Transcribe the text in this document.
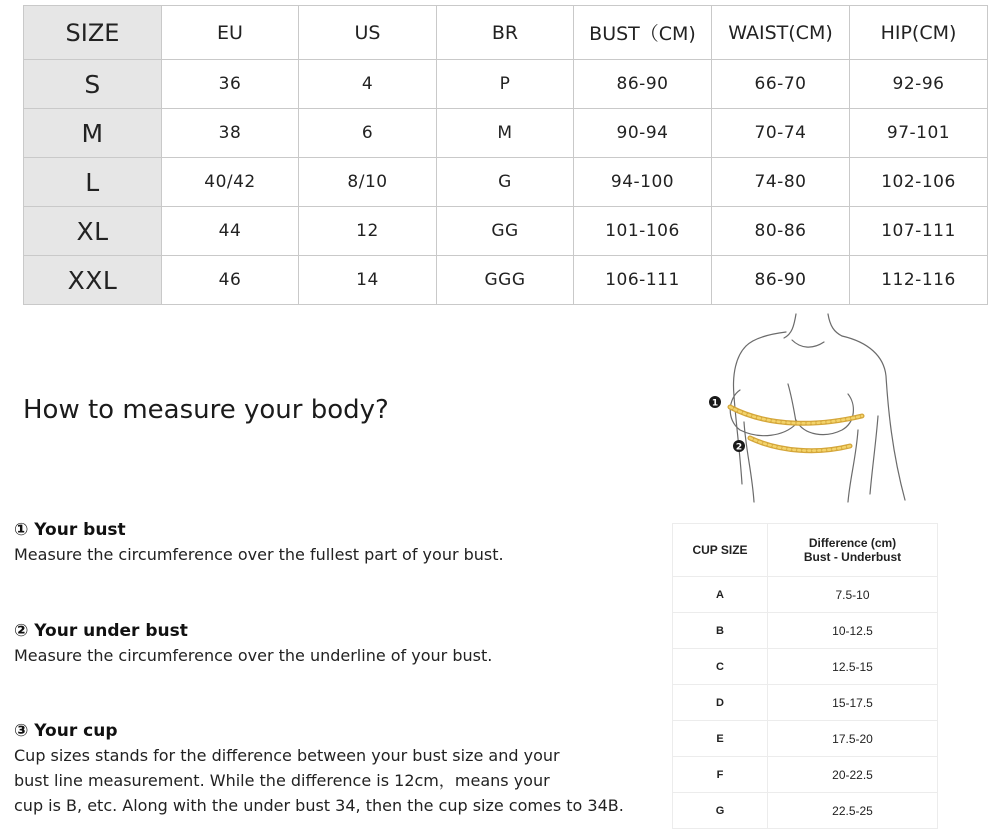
SIZE	EU	US	BR	BUST（CM)	WAIST(CM)	HIP(CM)
S	36	4	P	86-90	66-70	92-96
M	38	6	M	90-94	70-74	97-101
L	40/42	8/10	G	94-100	74-80	102-106
XL	44	12	GG	101-106	80-86	107-111
XXL	46	14	GGG	106-111	86-90	112-116
How to measure your body?	1
2
① Your bust
Measure the circumference over the fullest part of your bust.
② Your under bust
Measure the circumference over the underline of your bust.
③ Your cup
Cup sizes stands for the difference between your bust size and your
bust line measurement. While the difference is 12cm，means your
cup is B, etc. Along with the under bust 34, then the cup size comes to 34B.
CUP SIZE	Difference (cm)
Bust - Underbust

A	7.5-10
B	10-12.5
C	12.5-15
D	15-17.5
E	17.5-20
F	20-22.5
G	22.5-25
